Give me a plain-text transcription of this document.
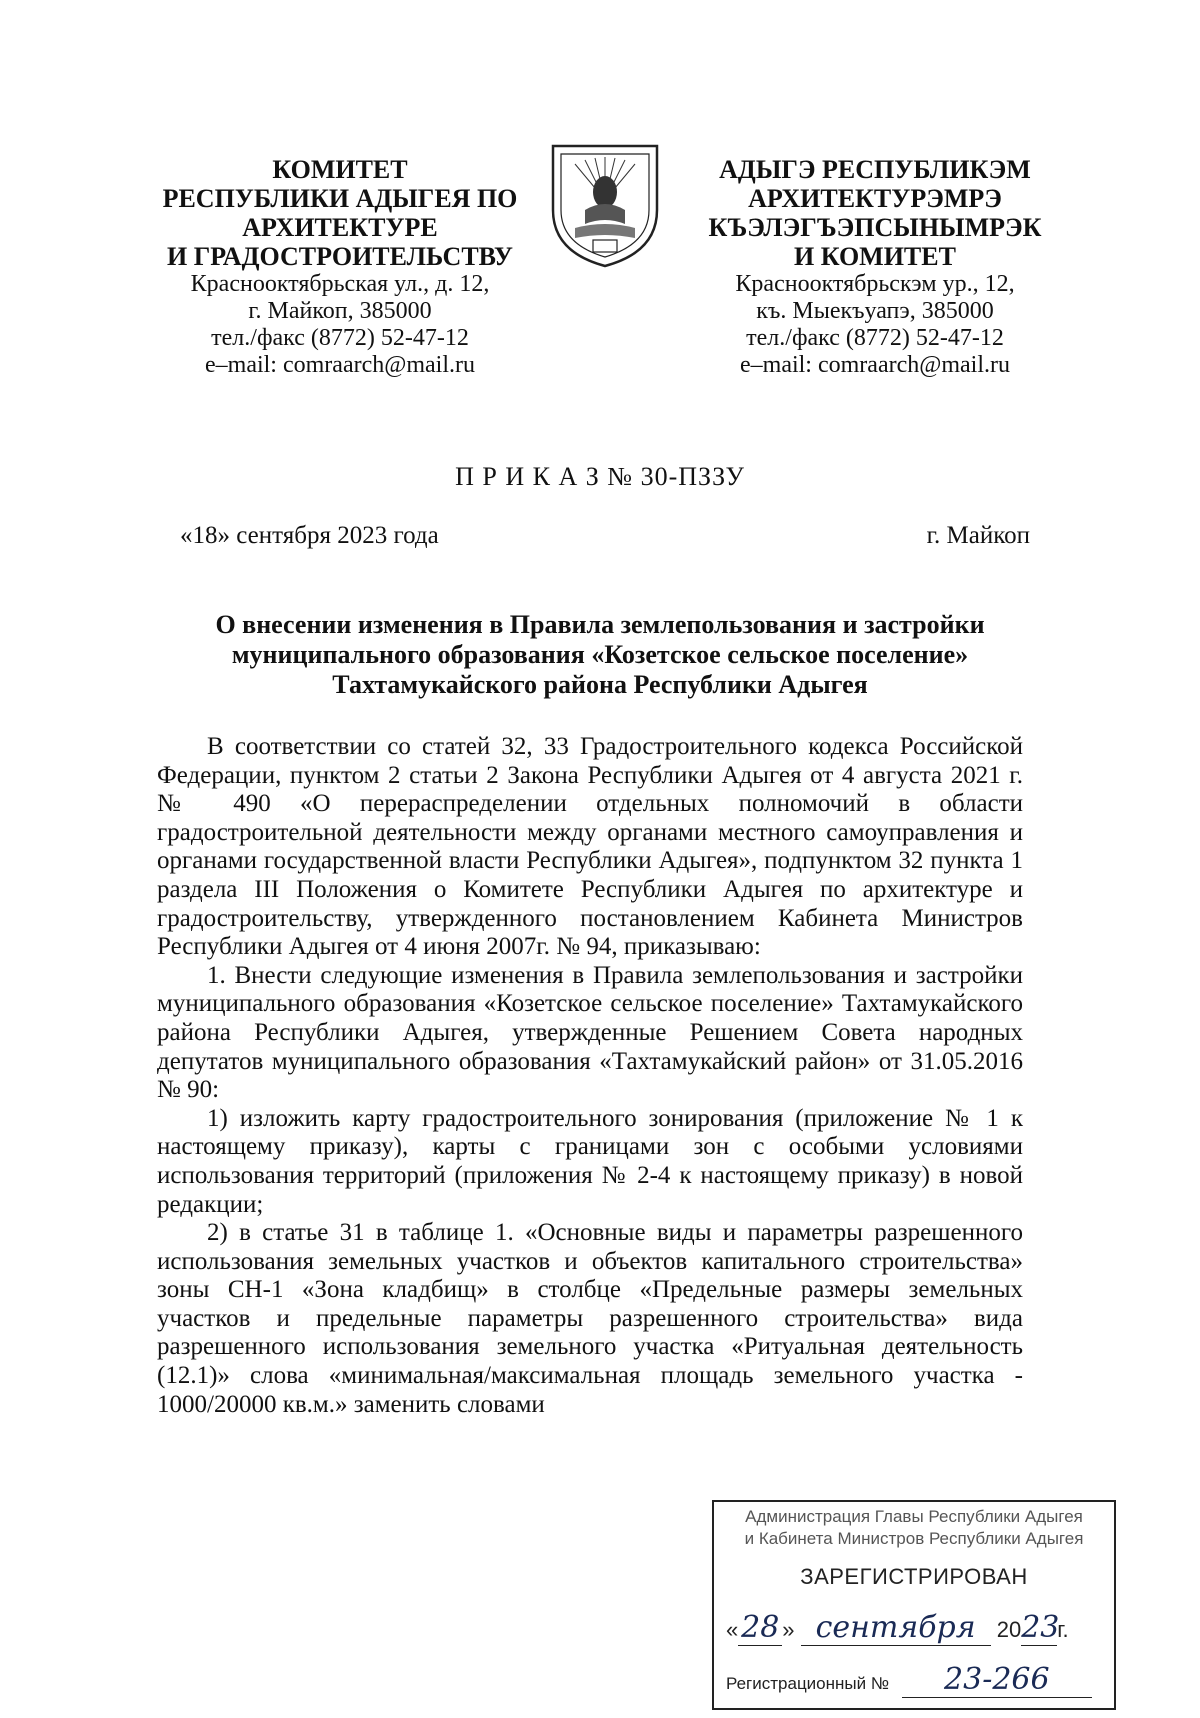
КОМИТЕТ

РЕСПУБЛИКИ АДЫГЕЯ ПО

АРХИТЕКТУРЕ

И ГРАДОСТРОИТЕЛЬСТВУ

Краснооктябрьская ул., д. 12,

г. Майкоп, 385000

тел./факс (8772) 52-47-12

e–mail: comraarch@mail.ru

АДЫГЭ РЕСПУБЛИКЭМ

АРХИТЕКТУРЭМРЭ

КЪЭЛЭГЪЭПСЫНЫМРЭК

И КОМИТЕТ

Краснооктябрьскэм ур., 12,

къ. Мыекъуапэ, 385000

тел./факс (8772) 52-47-12

e–mail: comraarch@mail.ru

П Р И К А З № 30-ПЗЗУ
«18» сентября 2023 года	г. Майкоп
О внесении изменения в Правила землепользования и застройки
муниципального образования «Козетское сельское поселение»
Тахтамукайского района Республики Адыгея

В соответствии со статей 32, 33 Градостроительного кодекса Российской Федерации, пунктом 2 статьи 2 Закона Республики Адыгея от 4 августа 2021 г. № 490 «О перераспределении отдельных полномочий в области градостроительной деятельности между органами местного самоуправления и органами государственной власти Республики Адыгея», подпунктом 32 пункта 1 раздела III Положения о Комитете Республики Адыгея по архитектуре и градостроительству, утвержденного постановлением Кабинета Министров Республики Адыгея от 4 июня 2007г. № 94, приказываю:

1. Внести следующие изменения в Правила землепользования и застройки муниципального образования «Козетское сельское поселение» Тахтамукайского района Республики Адыгея, утвержденные Решением Совета народных депутатов муниципального образования «Тахтамукайский район» от 31.05.2016 № 90:

1) изложить карту градостроительного зонирования (приложение № 1 к настоящему приказу), карты с границами зон с особыми условиями использования территорий (приложения № 2-4 к настоящему приказу) в новой редакции;

2) в статье 31 в таблице 1. «Основные виды и параметры разрешенного использования земельных участков и объектов капитального строительства» зоны СН-1 «Зона кладбищ» в столбце «Предельные размеры земельных участков и предельные параметры разрешенного строительства» вида разрешенного использования земельного участка «Ритуальная деятельность (12.1)» слова «минимальная/максимальная площадь земельного участка - 1000/20000 кв.м.» заменить словами

Администрация Главы Республики Адыгея
и Кабинета Министров Республики Адыгея
ЗАРЕГИСТРИРОВАН
«28 » сентября 2023г.
Регистрационный № 23-266
